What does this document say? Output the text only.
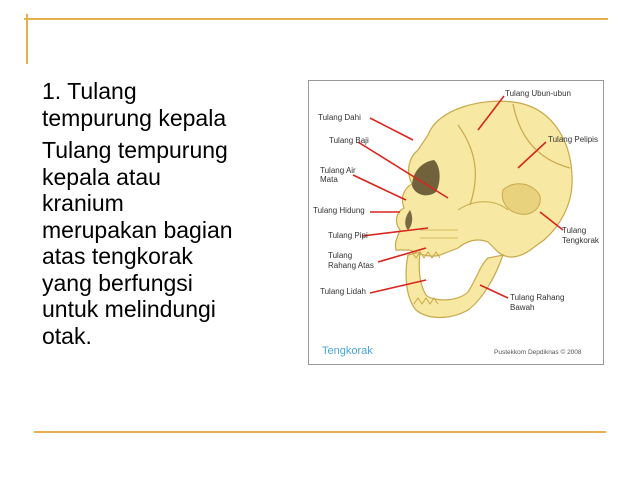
1. Tulang
tempurung kepala
Tulang tempurung
kepala atau
kranium
merupakan bagian
atas tengkorak
yang berfungsi
untuk melindungi
otak.
Tulang Dahi
Tulang Baji
Tulang Air
Mata
Tulang Hidung
Tulang Pipi
Tulang
Rahang Atas
Tulang Lidah
Tulang Ubun-ubun
Tulang Pelipis
Tulang
Tengkorak
Tulang Rahang
Bawah
Tengkorak	Pustekkom Depdiknas © 2008
